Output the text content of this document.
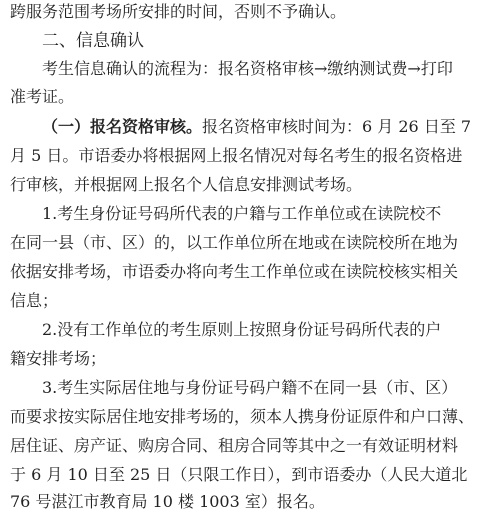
跨服务范围考场所安排的时间，否则不予确认。
二、信息确认
考生信息确认的流程为：报名资格审核→缴纳测试费→打印
准考证。
（一）报名资格审核。报名资格审核时间为：6 月 26 日至 7
月 5 日。市语委办将根据网上报名情况对每名考生的报名资格进
行审核，并根据网上报名个人信息安排测试考场。
1.考生身份证号码所代表的户籍与工作单位或在读院校不
在同一县（市、区）的，以工作单位所在地或在读院校所在地为
依据安排考场，市语委办将向考生工作单位或在读院校核实相关
信息；
2.没有工作单位的考生原则上按照身份证号码所代表的户
籍安排考场；
3.考生实际居住地与身份证号码户籍不在同一县（市、区）
而要求按实际居住地安排考场的，须本人携身份证原件和户口薄、
居住证、房产证、购房合同、租房合同等其中之一有效证明材料
于 6 月 10 日至 25 日（只限工作日），到市语委办（人民大道北
76 号湛江市教育局 10 楼 1003 室）报名。
